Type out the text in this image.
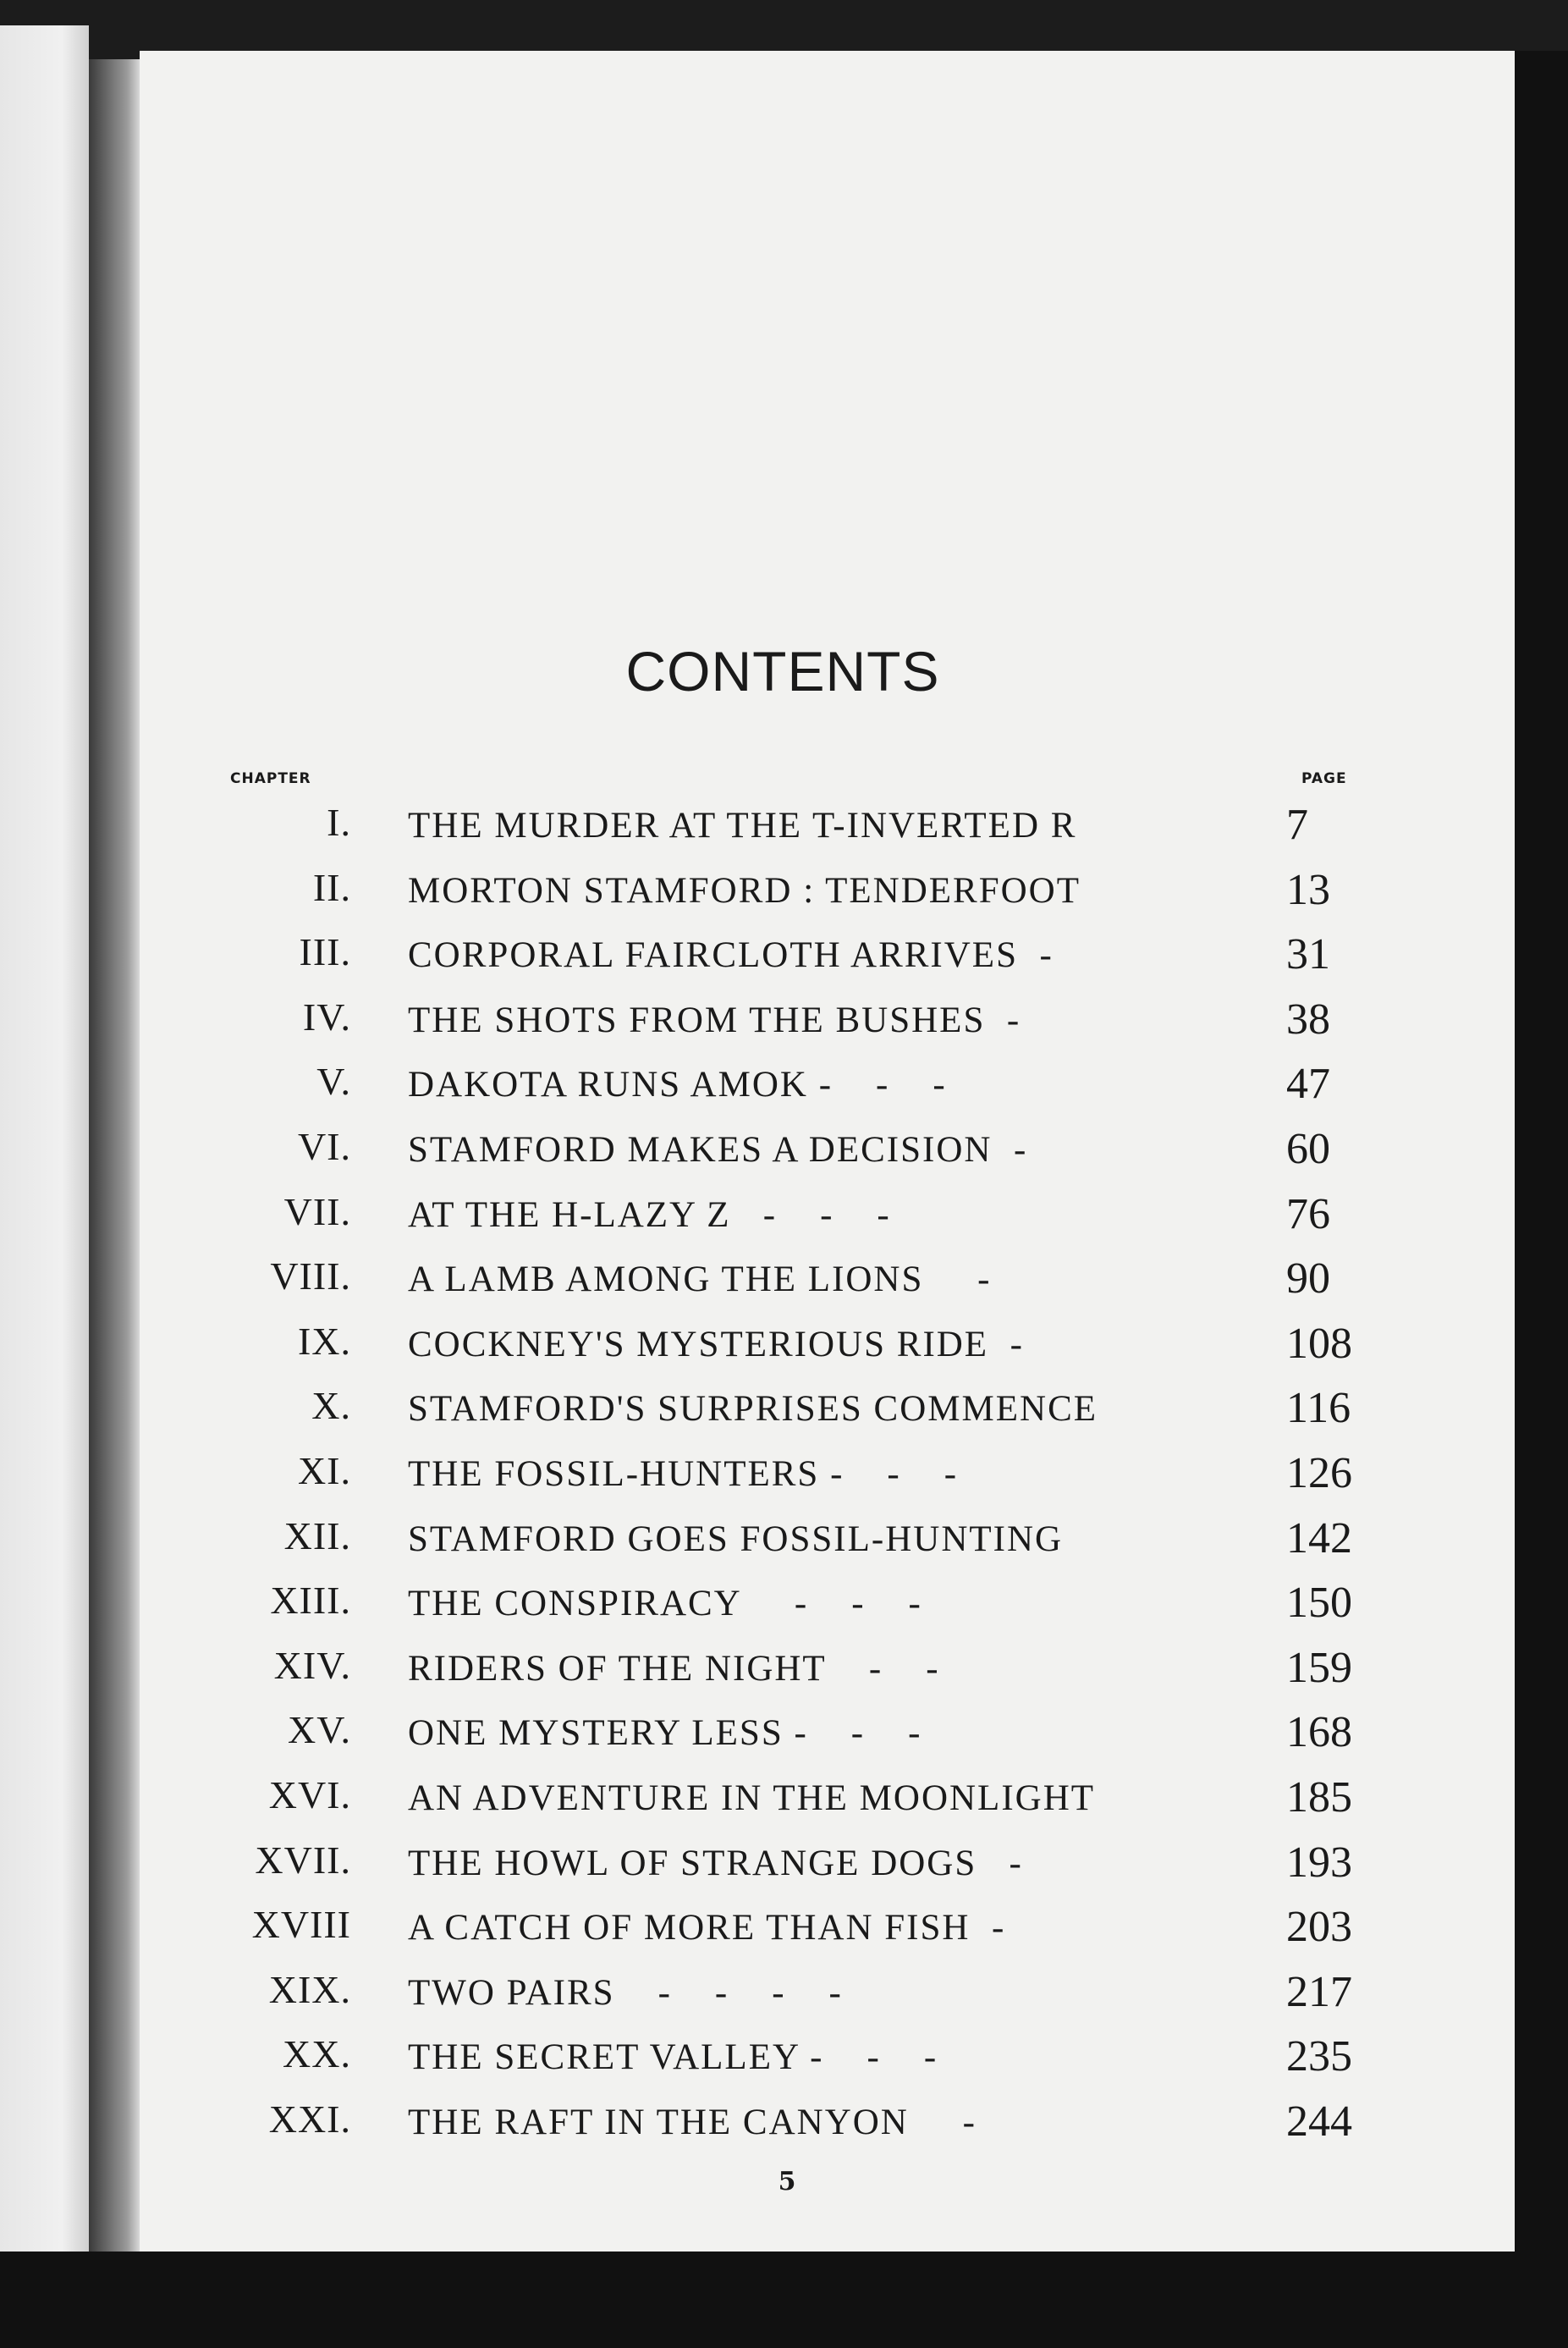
CONTENTS
CHAPTER	PAGE
I. THE MURDER AT THE T-INVERTED R	7
II. MORTON STAMFORD : TENDERFOOT	13
III. CORPORAL FAIRCLOTH ARRIVES  -	31
IV. THE SHOTS FROM THE BUSHES  -	38
V. DAKOTA RUNS AMOK -    -    -	47
VI. STAMFORD MAKES A DECISION  -	60
VII. AT THE H-LAZY Z   -    -    -	76
VIII. A LAMB AMONG THE LIONS     -	90
IX. COCKNEY'S MYSTERIOUS RIDE  -	108
X. STAMFORD'S SURPRISES COMMENCE	116
XI. THE FOSSIL-HUNTERS -    -    -	126
XII. STAMFORD GOES FOSSIL-HUNTING	142
XIII. THE CONSPIRACY     -    -    -	150
XIV. RIDERS OF THE NIGHT    -    -	159
XV. ONE MYSTERY LESS -    -    -	168
XVI. AN ADVENTURE IN THE MOONLIGHT	185
XVII. THE HOWL OF STRANGE DOGS   -	193
XVIII A CATCH OF MORE THAN FISH  -	203
XIX. TWO PAIRS    -    -    -    -	217
XX. THE SECRET VALLEY -    -    -	235
XXI. THE RAFT IN THE CANYON     -	244
5
